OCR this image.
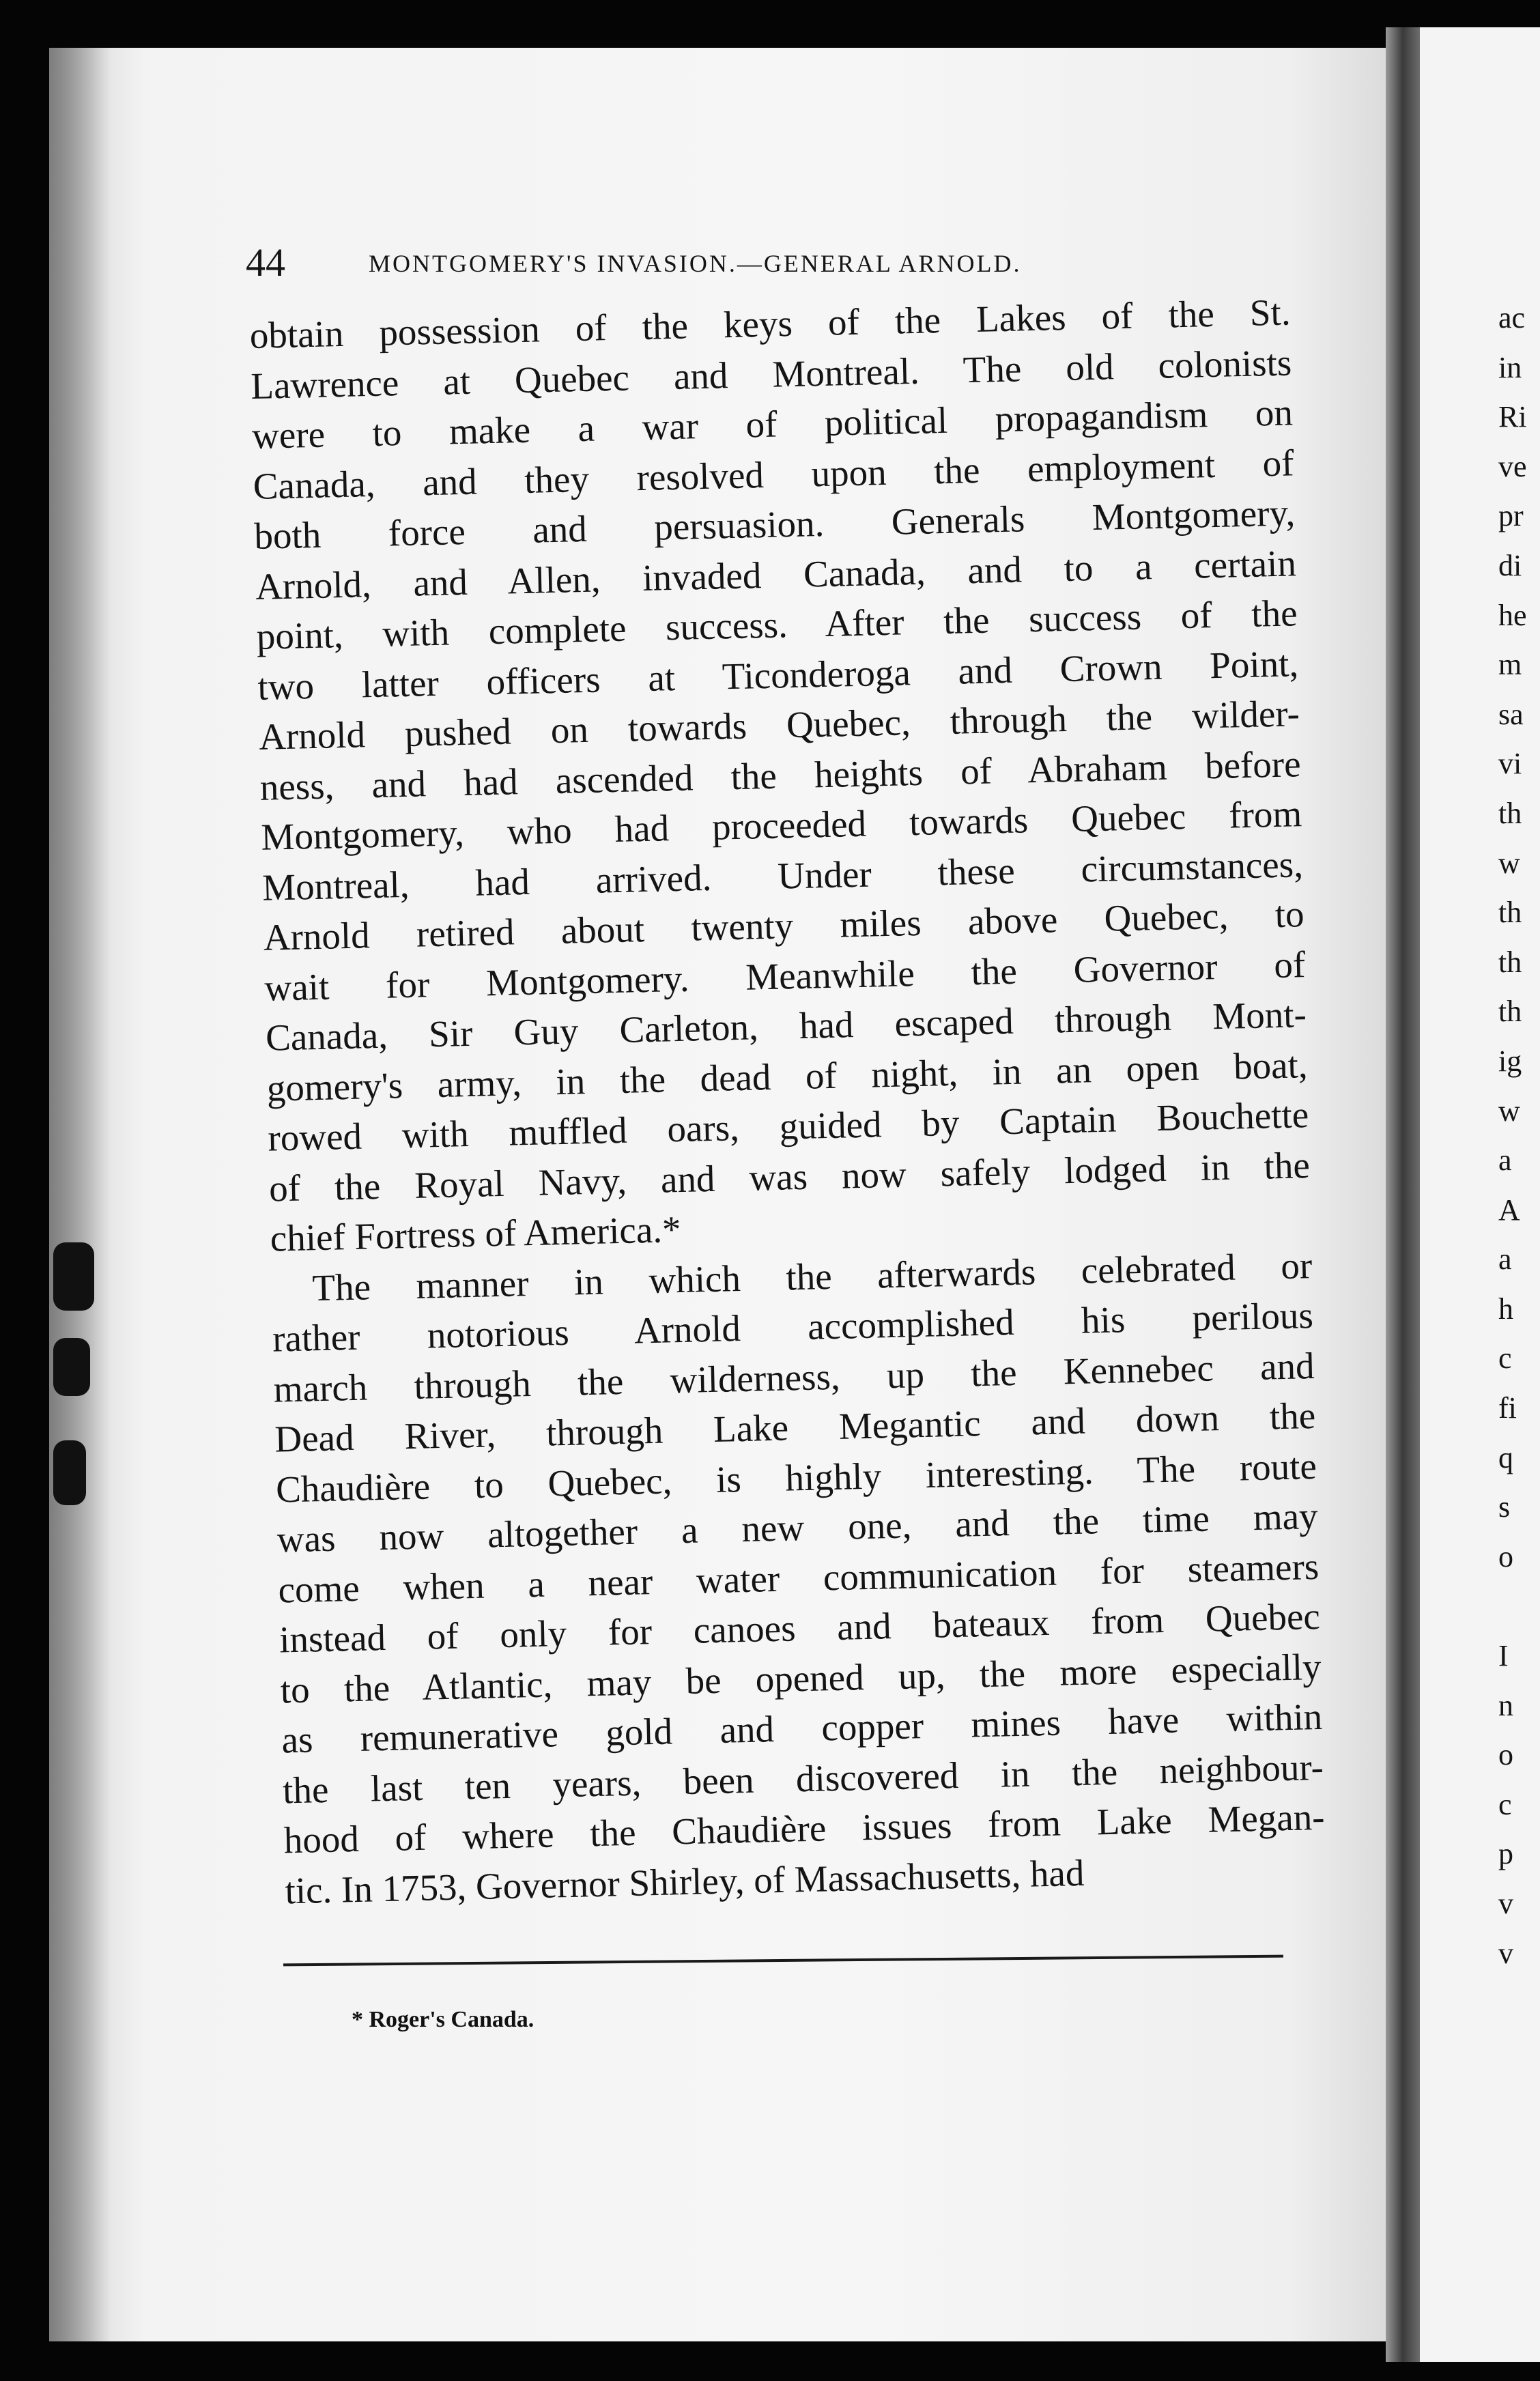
ac
in
Ri
ve
pr
di
he
m
sa
vi
th
w
th
th
th
ig
w
a
A
a
h
c
fi
q
s
o
I
n
o
c
p
v
v
44	MONTGOMERY'S INVASION.—GENERAL ARNOLD.
obtain possession of the keys of the Lakes of the St.
Lawrence at Quebec and Montreal. The old colonists
were to make a war of political propagandism on
Canada, and they resolved upon the employment of
both force and persuasion. Generals Montgomery,
Arnold, and Allen, invaded Canada, and to a certain
point, with complete success. After the success of the
two latter officers at Ticonderoga and Crown Point,
Arnold pushed on towards Quebec, through the wilder-
ness, and had ascended the heights of Abraham before
Montgomery, who had proceeded towards Quebec from
Montreal, had arrived. Under these circumstances,
Arnold retired about twenty miles above Quebec, to
wait for Montgomery. Meanwhile the Governor of
Canada, Sir Guy Carleton, had escaped through Mont-
gomery's army, in the dead of night, in an open boat,
rowed with muffled oars, guided by Captain Bouchette
of the Royal Navy, and was now safely lodged in the
chief Fortress of America.*
The manner in which the afterwards celebrated or
rather notorious Arnold accomplished his perilous
march through the wilderness, up the Kennebec and
Dead River, through Lake Megantic and down the
Chaudière to Quebec, is highly interesting. The route
was now altogether a new one, and the time may
come when a near water communication for steamers
instead of only for canoes and bateaux from Quebec
to the Atlantic, may be opened up, the more especially
as remunerative gold and copper mines have within
the last ten years, been discovered in the neighbour-
hood of where the Chaudière issues from Lake Megan-
tic. In 1753, Governor Shirley, of Massachusetts, had
* Roger's Canada.
